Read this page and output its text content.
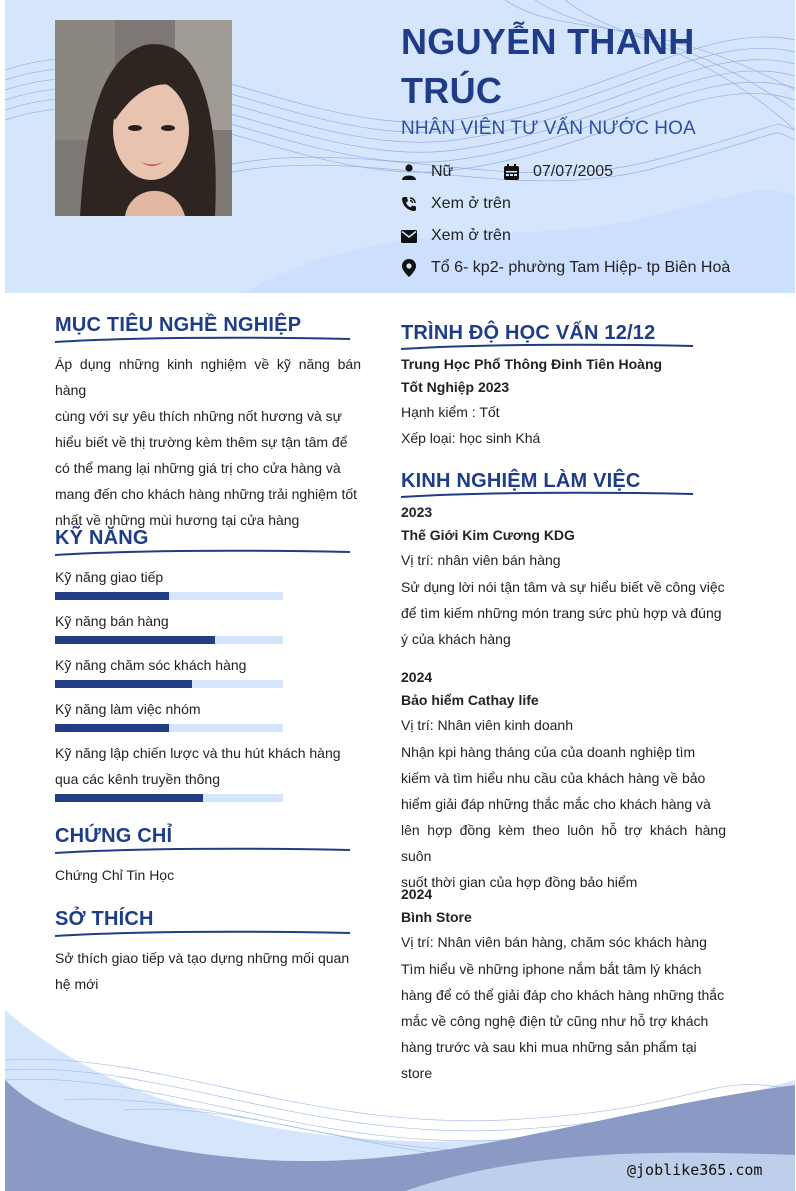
NGUYỄN THANH TRÚC
NHÂN VIÊN TƯ VẤN NƯỚC HOA
Nữ	07/07/2005
Xem ở trên
Xem ở trên
Tổ 6- kp2- phường Tam Hiệp- tp Biên Hoà
MỤC TIÊU NGHỀ NGHIỆP
Áp dụng những kinh nghiệm về kỹ năng bán hàng
cùng với sự yêu thích những nốt hương và sự
hiểu biết về thị trường kèm thêm sự tận tâm để
có thể mang lại những giá trị cho cửa hàng và
mang đến cho khách hàng những trải nghiệm tốt
nhất về những mùi hương tại cửa hàng
KỸ NĂNG
Kỹ năng giao tiếp
Kỹ năng bán hàng
Kỹ năng chăm sóc khách hàng
Kỹ năng làm việc nhóm
Kỹ năng lập chiến lược và thu hút khách hàng
qua các kênh truyền thông
CHỨNG CHỈ
Chứng Chỉ Tin Học
SỞ THÍCH
Sở thích giao tiếp và tạo dựng những mối quan
hệ mới
TRÌNH ĐỘ HỌC VẤN 12/12
Trung Học Phổ Thông Đinh Tiên Hoàng
Tốt Nghiệp 2023
Hạnh kiểm : Tốt
Xếp loại: học sinh Khá
KINH NGHIỆM LÀM VIỆC
2023
Thế Giới Kim Cương KDG
Vị trí: nhân viên bán hàng
Sử dụng lời nói tận tâm và sự hiểu biết về công việc
để tìm kiếm những món trang sức phù hợp và đúng
ý của khách hàng
2024
Bảo hiểm Cathay life
Vị trí: Nhân viên kinh doanh
Nhận kpi hàng tháng của của doanh nghiệp tìm
kiếm và tìm hiểu nhu cầu của khách hàng về bảo
hiểm giải đáp những thắc mắc cho khách hàng và
lên hợp đồng kèm theo luôn hỗ trợ khách hàng suôn
suốt thời gian của hợp đồng bảo hiểm
2024
Bình Store
Vị trí: Nhân viên bán hàng, chăm sóc khách hàng
Tìm hiểu về những iphone nắm bắt tâm lý khách
hàng để có thể giải đáp cho khách hàng những thắc
mắc về công nghệ điện tử cũng như hỗ trợ khách
hàng trước và sau khi mua những sản phẩm tại
store
@joblike365.com
